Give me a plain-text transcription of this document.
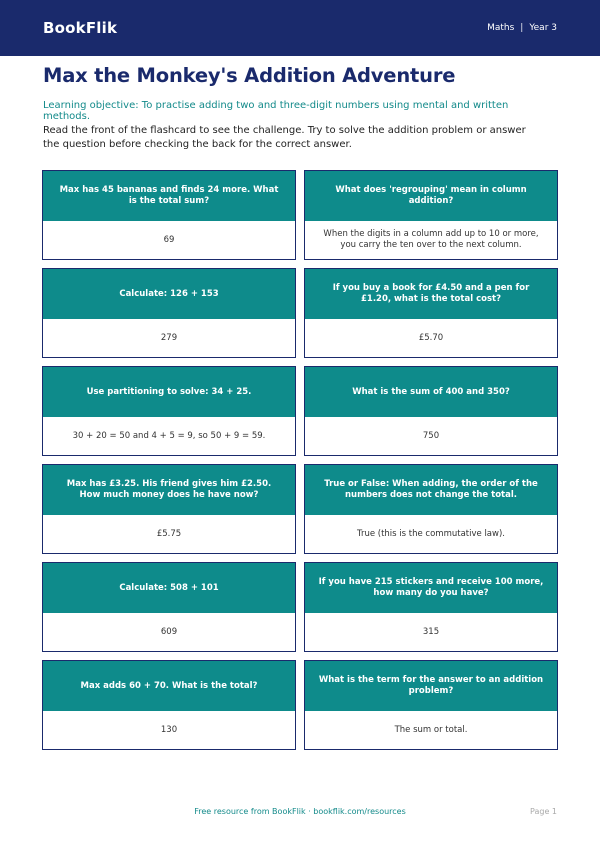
BookFlik	Maths | Year 3
Max the Monkey's Addition Adventure

Learning objective: To practise adding two and three-digit numbers using mental and written methods.

Read the front of the flashcard to see the challenge. Try to solve the addition problem or answer the question before checking the back for the correct answer.

Max has 45 bananas and finds 24 more. What is the total sum?
69
What does 'regrouping' mean in column addition?
When the digits in a column add up to 10 or more, you carry the ten over to the next column.
Calculate: 126 + 153
279
If you buy a book for £4.50 and a pen for £1.20, what is the total cost?
£5.70
Use partitioning to solve: 34 + 25.
30 + 20 = 50 and 4 + 5 = 9, so 50 + 9 = 59.
What is the sum of 400 and 350?
750
Max has £3.25. His friend gives him £2.50. How much money does he have now?
£5.75
True or False: When adding, the order of the numbers does not change the total.
True (this is the commutative law).
Calculate: 508 + 101
609
If you have 215 stickers and receive 100 more, how many do you have?
315
Max adds 60 + 70. What is the total?
130
What is the term for the answer to an addition problem?
The sum or total.
Free resource from BookFlik · bookflik.com/resources	Page 1
